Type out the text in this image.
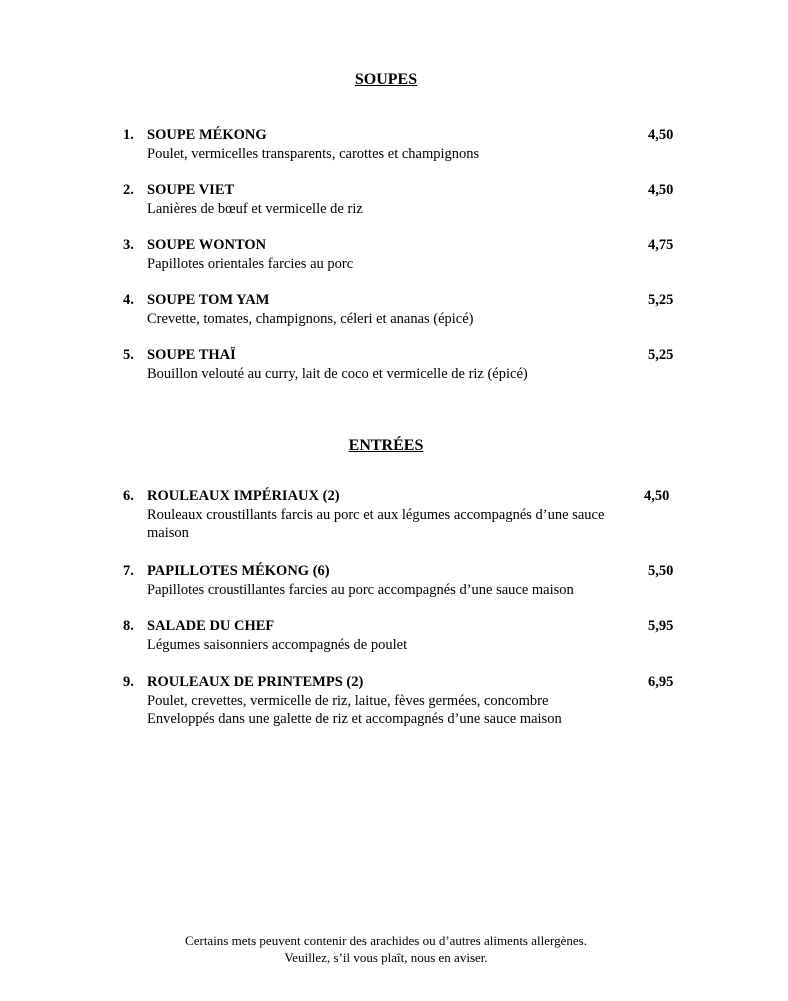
SOUPES
1. SOUPE MÉKONG	4,50
Poulet, vermicelles transparents, carottes et champignons
2. SOUPE VIET	4,50
Lanières de bœuf et vermicelle de riz
3. SOUPE WONTON	4,75
Papillotes orientales farcies au porc
4. SOUPE TOM YAM	5,25
Crevette, tomates, champignons, céleri et ananas (épicé)
5. SOUPE THAÏ	5,25
Bouillon velouté au curry, lait de coco et vermicelle de riz (épicé)
ENTRÉES
6. ROULEAUX IMPÉRIAUX (2)	4,50
Rouleaux croustillants farcis au porc et aux légumes accompagnés d’une sauce
maison
7. PAPILLOTES MÉKONG (6)	5,50
Papillotes croustillantes farcies au porc accompagnés d’une sauce maison
8. SALADE DU CHEF	5,95
Légumes saisonniers accompagnés de poulet
9. ROULEAUX DE PRINTEMPS (2)	6,95
Poulet, crevettes, vermicelle de riz, laitue, fèves germées, concombre
Enveloppés dans une galette de riz et accompagnés d’une sauce maison
Certains mets peuvent contenir des arachides ou d’autres aliments allergènes.
Veuillez, s’il vous plaît, nous en aviser.
